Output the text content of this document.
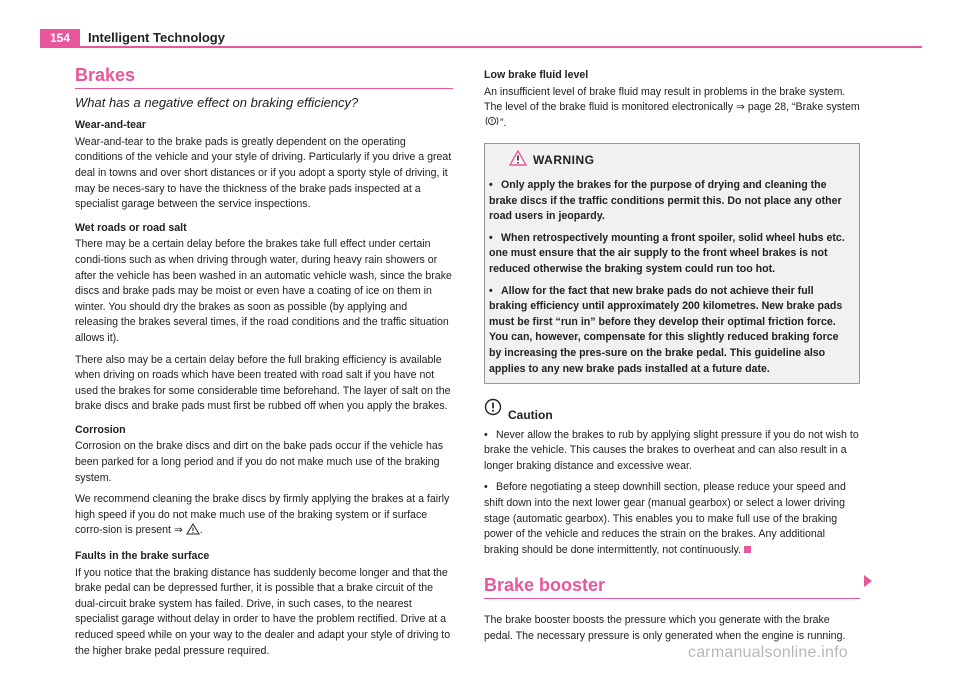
154	Intelligent Technology
Brakes
What has a negative effect on braking efficiency?
Wear-and-tear

Wear-and-tear to the brake pads is greatly dependent on the operating conditions of the vehicle and your style of driving. Particularly if you drive a great deal in towns and over short distances or if you adopt a sporty style of driving, it may be neces-sary to have the thickness of the brake pads inspected at a specialist garage between the service inspections.

Wet roads or road salt

There may be a certain delay before the brakes take full effect under certain condi-tions such as when driving through water, during heavy rain showers or after the vehicle has been washed in an automatic vehicle wash, since the brake discs and brake pads may be moist or even have a coating of ice on them in winter. You should dry the brakes as soon as possible (by applying and releasing the brakes several times, if the road conditions and the traffic situation allows it).

There also may be a certain delay before the full braking efficiency is available when driving on roads which have been treated with road salt if you have not used the brakes for some considerable time beforehand. The layer of salt on the brake discs and brake pads must first be rubbed off when you apply the brakes.

Corrosion

Corrosion on the brake discs and dirt on the bake pads occur if the vehicle has been parked for a long period and if you do not make much use of the braking system.

We recommend cleaning the brake discs by firmly applying the brakes at a fairly high speed if you do not make much use of the braking system or if surface corro-sion is present ⇒ .

Faults in the brake surface

If you notice that the braking distance has suddenly become longer and that the brake pedal can be depressed further, it is possible that a brake circuit of the dual-circuit brake system has failed. Drive, in such cases, to the nearest specialist garage without delay in order to have the problem rectified. Drive at a reduced speed while on your way to the dealer and adapt your style of driving to the higher brake pedal pressure required.

Low brake fluid level

An insufficient level of brake fluid may result in problems in the brake system. The level of the brake fluid is monitored electronically ⇒ page 28, “Brake system ”.

WARNING
• Only apply the brakes for the purpose of drying and cleaning the brake discs if the traffic conditions permit this. Do not place any other road users in jeopardy.
• When retrospectively mounting a front spoiler, solid wheel hubs etc. one must ensure that the air supply to the front wheel brakes is not reduced otherwise the braking system could run too hot.
• Allow for the fact that new brake pads do not achieve their full braking efficiency until approximately 200 kilometres. New brake pads must be first “run in” before they develop their optimal friction force. You can, however, compensate for this slightly reduced braking force by increasing the pres-sure on the brake pedal. This guideline also applies to any new brake pads installed at a future date.
Caution
• Never allow the brakes to rub by applying slight pressure if you do not wish to brake the vehicle. This causes the brakes to overheat and can also result in a longer braking distance and excessive wear.
• Before negotiating a steep downhill section, please reduce your speed and shift down into the next lower gear (manual gearbox) or select a lower driving stage (automatic gearbox). This enables you to make full use of the braking power of the vehicle and reduces the strain on the brakes. Any additional braking should be done intermittently, not continuously.
Brake booster

The brake booster boosts the pressure which you generate with the brake pedal. The necessary pressure is only generated when the engine is running.

carmanualsonline.info
